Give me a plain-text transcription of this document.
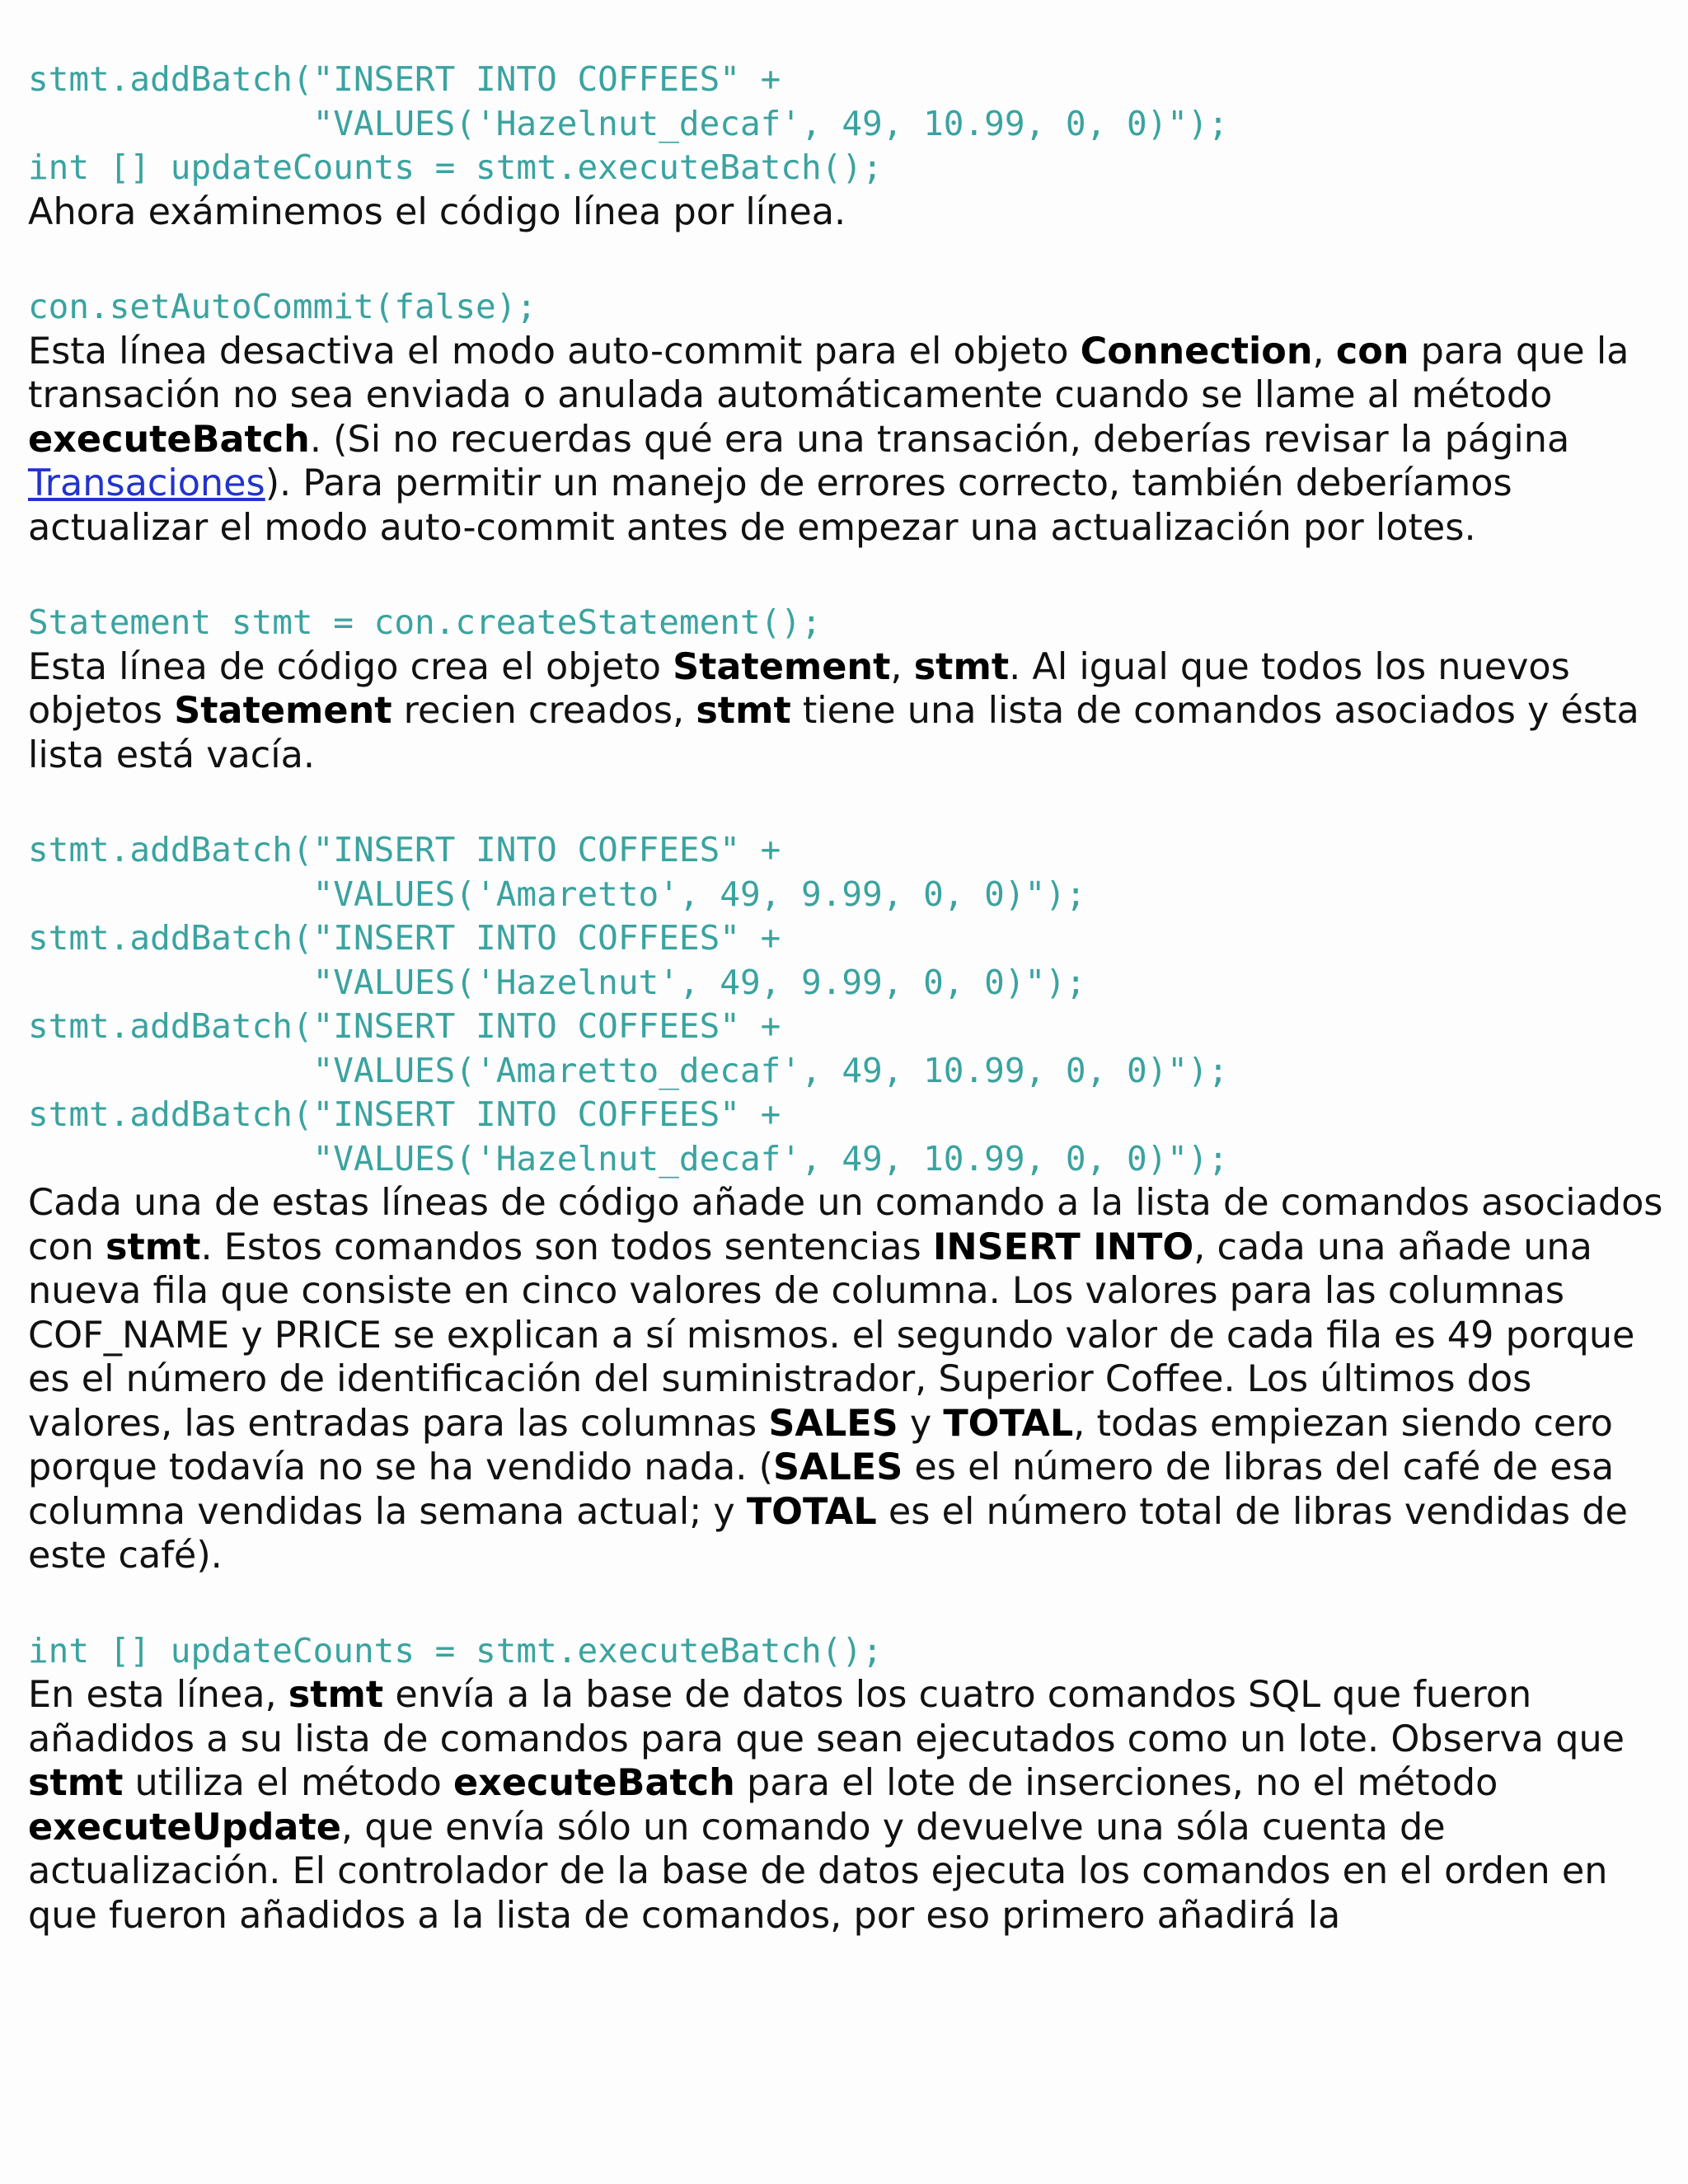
stmt.addBatch("INSERT INTO COFFEES" +
"VALUES('Hazelnut_decaf', 49, 10.99, 0, 0)");
int [] updateCounts = stmt.executeBatch();

Ahora exáminemos el código línea por línea.

con.setAutoCommit(false);

Esta línea desactiva el modo auto-commit para el objeto Connection, con para que la transación no sea enviada o anulada automáticamente cuando se llame al método executeBatch. (Si no recuerdas qué era una transación, deberías revisar la página Transaciones). Para permitir un manejo de errores correcto, también deberíamos actualizar el modo auto-commit antes de empezar una actualización por lotes.

Statement stmt = con.createStatement();

Esta línea de código crea el objeto Statement, stmt. Al igual que todos los nuevos objetos Statement recien creados, stmt tiene una lista de comandos asociados y ésta lista está vacía.

stmt.addBatch("INSERT INTO COFFEES" +
"VALUES('Amaretto', 49, 9.99, 0, 0)");
stmt.addBatch("INSERT INTO COFFEES" +
"VALUES('Hazelnut', 49, 9.99, 0, 0)");
stmt.addBatch("INSERT INTO COFFEES" +
"VALUES('Amaretto_decaf', 49, 10.99, 0, 0)");
stmt.addBatch("INSERT INTO COFFEES" +
"VALUES('Hazelnut_decaf', 49, 10.99, 0, 0)");

Cada una de estas líneas de código añade un comando a la lista de comandos asociados con stmt. Estos comandos son todos sentencias INSERT INTO, cada una añade una nueva fila que consiste en cinco valores de columna. Los valores para las columnas COF_NAME y PRICE se explican a sí mismos. el segundo valor de cada fila es 49 porque es el número de identificación del suministrador, Superior Coffee. Los últimos dos valores, las entradas para las columnas SALES y TOTAL, todas empiezan siendo cero porque todavía no se ha vendido nada. (SALES es el número de libras del café de esa columna vendidas la semana actual; y TOTAL es el número total de libras vendidas de este café).

int [] updateCounts = stmt.executeBatch();

En esta línea, stmt envía a la base de datos los cuatro comandos SQL que fueron añadidos a su lista de comandos para que sean ejecutados como un lote. Observa que stmt utiliza el método executeBatch para el lote de inserciones, no el método executeUpdate, que envía sólo un comando y devuelve una sóla cuenta de actualización. El controlador de la base de datos ejecuta los comandos en el orden en que fueron añadidos a la lista de comandos, por eso primero añadirá la
